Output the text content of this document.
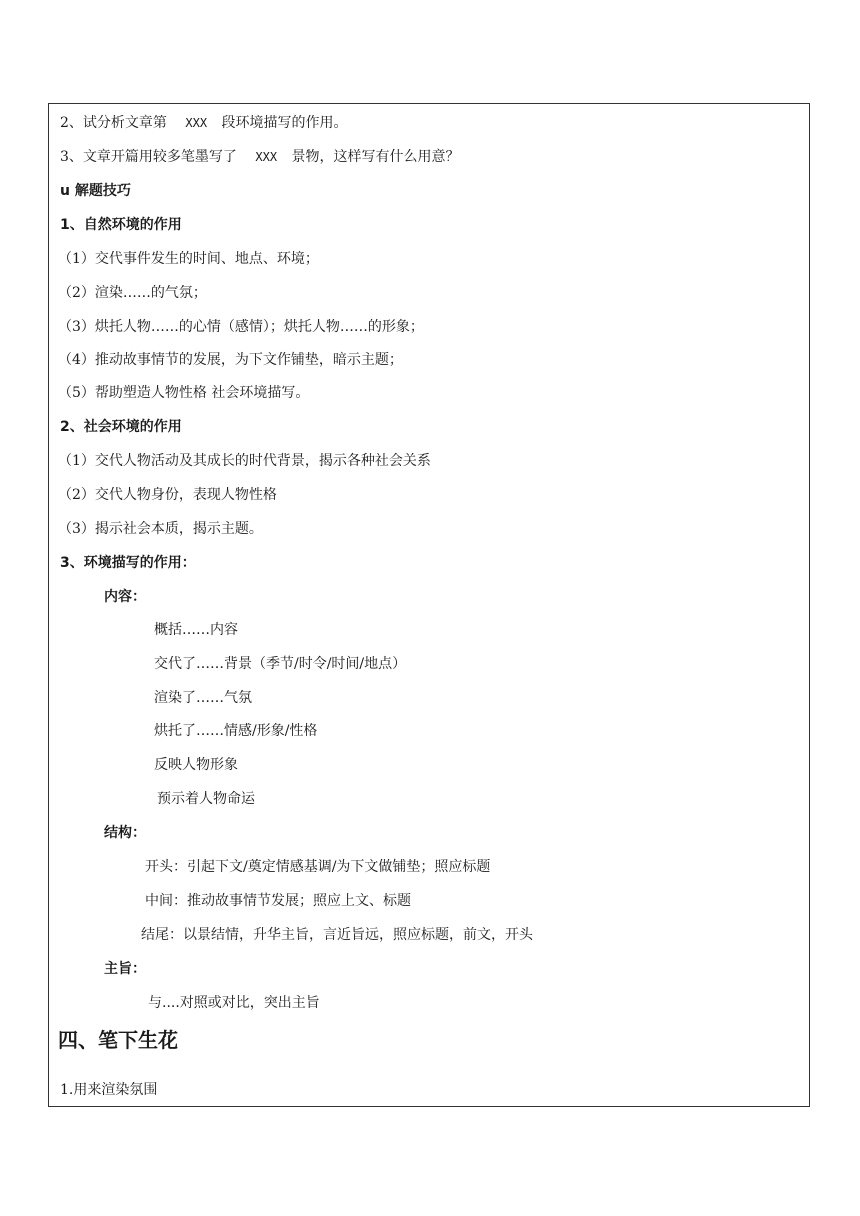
2、试分析文章第 XXX 段环境描写的作用。
3、文章开篇用较多笔墨写了 XXX 景物，这样写有什么用意？
u 解题技巧
1、自然环境的作用
（1）交代事件发生的时间、地点、环境；
（2）渲染……的气氛；
（3）烘托人物……的心情（感情）；烘托人物……的形象；
（4）推动故事情节的发展，为下文作铺垫，暗示主题；
（5）帮助塑造人物性格 社会环境描写。
2、社会环境的作用
（1）交代人物活动及其成长的时代背景，揭示各种社会关系
（2）交代人物身份，表现人物性格
（3）揭示社会本质，揭示主题。
3、环境描写的作用：
内容：
概括……内容
交代了……背景（季节/时令/时间/地点）
渲染了……气氛
烘托了……情感/形象/性格
反映人物形象
预示着人物命运
结构：
开头：引起下文/奠定情感基调/为下文做铺垫；照应标题
中间：推动故事情节发展；照应上文、标题
结尾：以景结情，升华主旨，言近旨远，照应标题，前文，开头
主旨：
与....对照或对比，突出主旨
四、笔下生花
1.用来渲染氛围
